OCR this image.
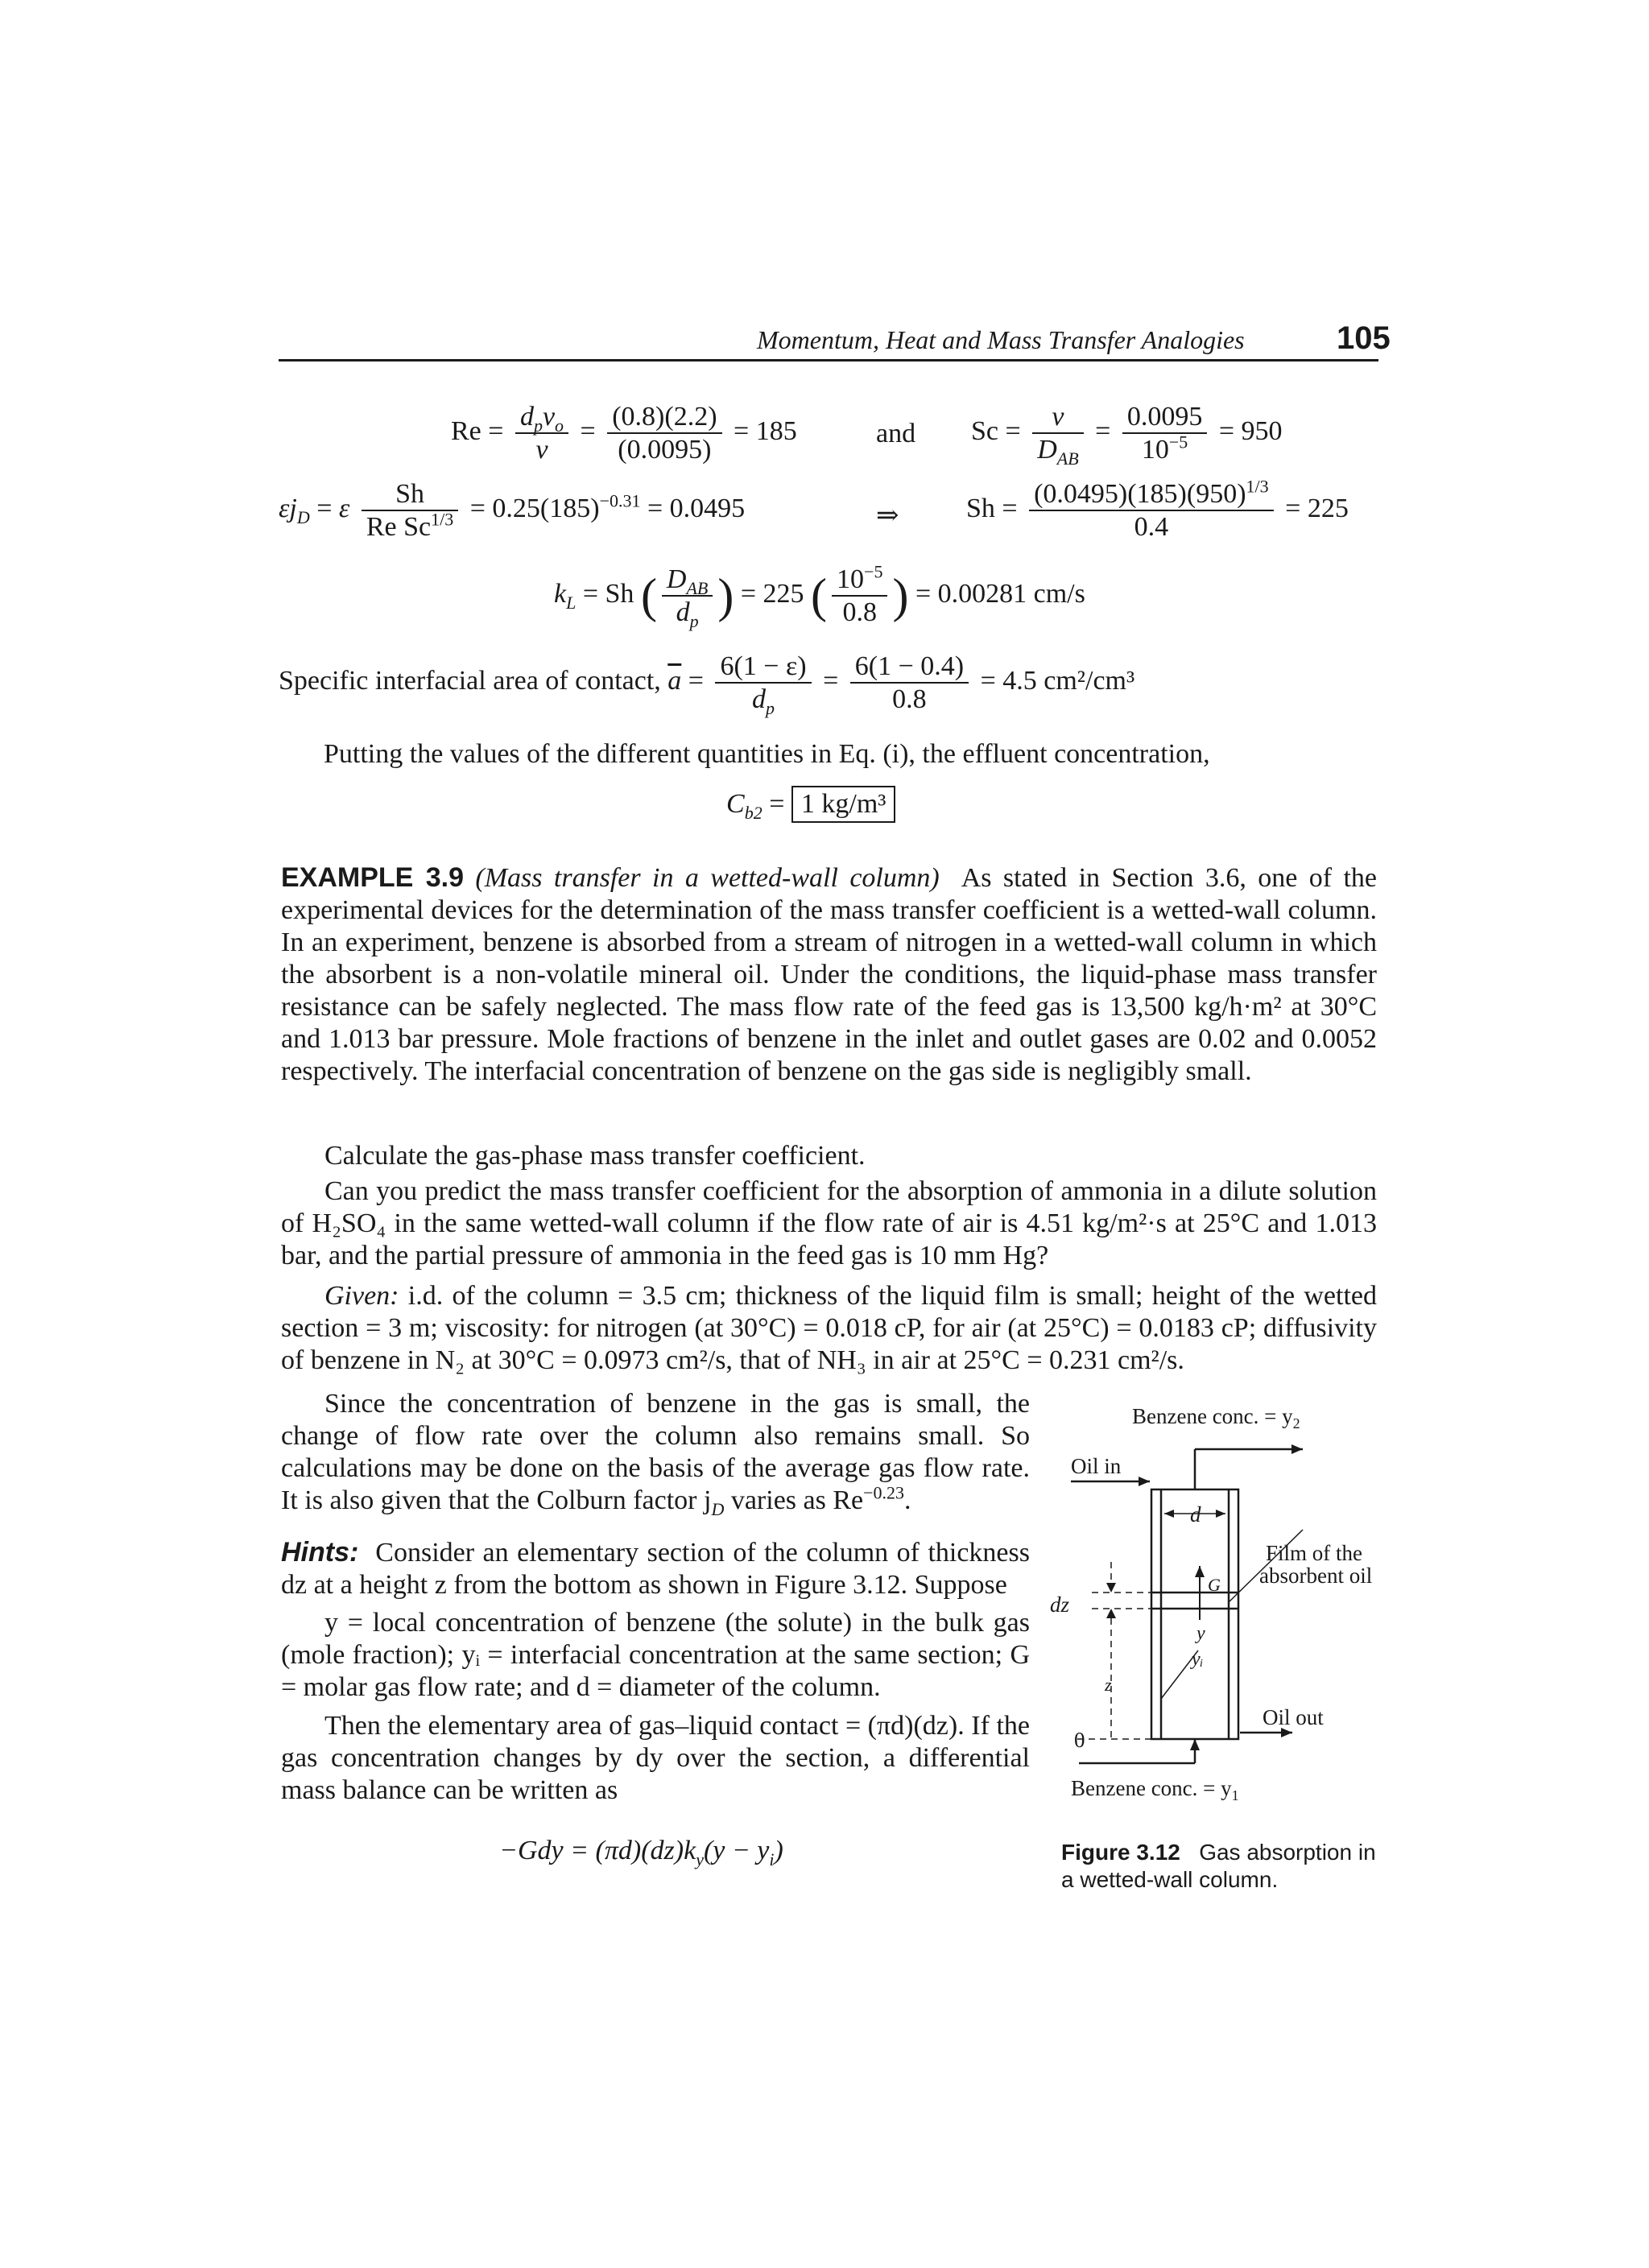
Momentum, Heat and Mass Transfer Analogies	105
$Re = \frac{d_pv_o}{\nu} = \frac{(0.8)(2.2)}{(0.0095)} = 185$	and $Sc = \frac{\nu}{D_{AB}} = \frac{0.0095}{10^{-5}} = 950$
$\varepsilon j_D = \varepsilon \frac{Sh}{Re Sc^{1/3}} = 0.25(185)^{-0.31} = 0.0495$	⇒ $Sh = \frac{(0.0495)(185)(950)^{1/3}}{0.4} = 225$
$k_L = Sh$ ( $\frac{D_{AB}}{d_p}$ ) = 225 ( $\frac{10^{-5}}{0.8}$ ) = 0.00281 cm/s
Specific interfacial area of contact, $\overline{a} = \frac{6(1 - \varepsilon)}{d_p} = \frac{6(1 - 0.4)}{0.8} = 4.5$ cm²/cm³
Putting the values of the different quantities in Eq. (i), the effluent concentration,
$C_{b2} = 1$ kg/m³

EXAMPLE 3.9 (Mass transfer in a wetted-wall column) As stated in Section 3.6, one of the experimental devices for the determination of the mass transfer coefficient is a wetted-wall column. In an experiment, benzene is absorbed from a stream of nitrogen in a wetted-wall column in which the absorbent is a non-volatile mineral oil. Under the conditions, the liquid-phase mass transfer resistance can be safely neglected. The mass flow rate of the feed gas is 13,500 kg/h·m² at 30°C and 1.013 bar pressure. Mole fractions of benzene in the inlet and outlet gases are 0.02 and 0.0052 respectively. The interfacial concentration of benzene on the gas side is negligibly small.

Calculate the gas-phase mass transfer coefficient.

Can you predict the mass transfer coefficient for the absorption of ammonia in a dilute solution of H₂SO₄ in the same wetted-wall column if the flow rate of air is 4.51 kg/m²·s at 25°C and 1.013 bar, and the partial pressure of ammonia in the feed gas is 10 mm Hg?

Given: i.d. of the column = 3.5 cm; thickness of the liquid film is small; height of the wetted section = 3 m; viscosity: for nitrogen (at 30°C) = 0.018 cP, for air (at 25°C) = 0.0183 cP; diffusivity of benzene in N₂ at 30°C = 0.0973 cm²/s, that of NH₃ in air at 25°C = 0.231 cm²/s.

Since the concentration of benzene in the gas is small, the change of flow rate over the column also remains small. So calculations may be done on the basis of the average gas flow rate. It is also given that the Colburn factor $j_D$ varies as $Re^{-0.23}$.

Hints: Consider an elementary section of the column of thickness dz at a height z from the bottom as shown in Figure 3.12. Suppose

y = local concentration of benzene (the solute) in the bulk gas (mole fraction); yᵢ = interfacial concentration at the same section; G = molar gas flow rate; and d = diameter of the column.

Then the elementary area of gas–liquid contact = (πd)(dz). If the gas concentration changes by dy over the section, a differential mass balance can be written as

$-Gdy = (\pi d)(dz)k_y(y - y_i)$
Benzene conc. = $y_2$
Oil in
d
Film of the
absorbent oil
G
dz
y
yᵢ
z
0
Oil out
Benzene conc. = $y_1$
Figure 3.12 Gas absorption in a wetted-wall column.
